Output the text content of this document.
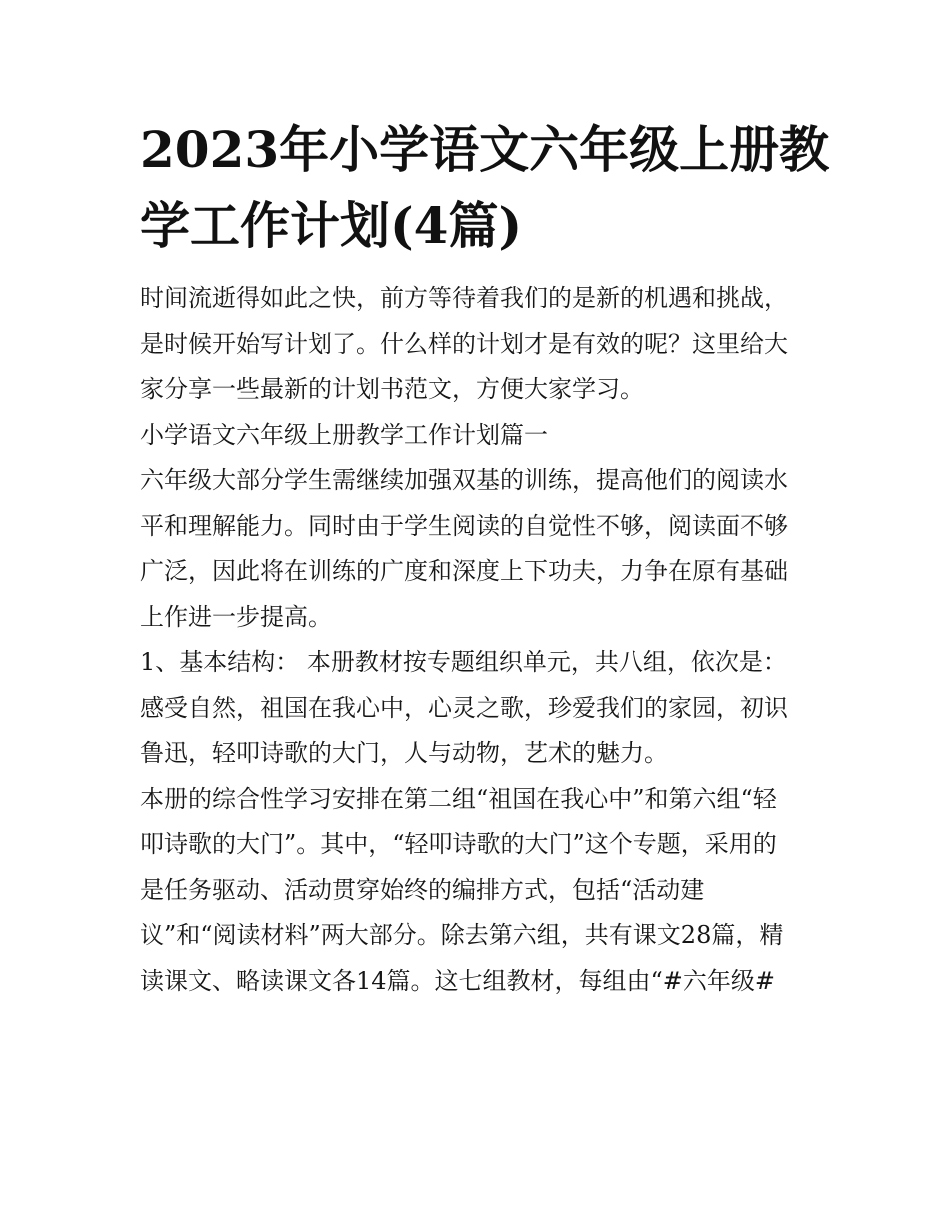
2023年小学语文六年级上册教
学工作计划(4篇)
时间流逝得如此之快，前方等待着我们的是新的机遇和挑战，
是时候开始写计划了。什么样的计划才是有效的呢？这里给大
家分享一些最新的计划书范文，方便大家学习。
小学语文六年级上册教学工作计划篇一
六年级大部分学生需继续加强双基的训练，提高他们的阅读水
平和理解能力。同时由于学生阅读的自觉性不够，阅读面不够
广泛，因此将在训练的广度和深度上下功夫，力争在原有基础
上作进一步提高。
1、基本结构： 本册教材按专题组织单元，共八组，依次是：
感受自然，祖国在我心中，心灵之歌，珍爱我们的家园，初识
鲁迅，轻叩诗歌的大门，人与动物，艺术的魅力。
本册的综合性学习安排在第二组“祖国在我心中”和第六组“轻
叩诗歌的大门”。其中，“轻叩诗歌的大门”这个专题，采用的
是任务驱动、活动贯穿始终的编排方式，包括“活动建
议”和“阅读材料”两大部分。除去第六组，共有课文28篇，精
读课文、略读课文各14篇。这七组教材，每组由“#六年级#
